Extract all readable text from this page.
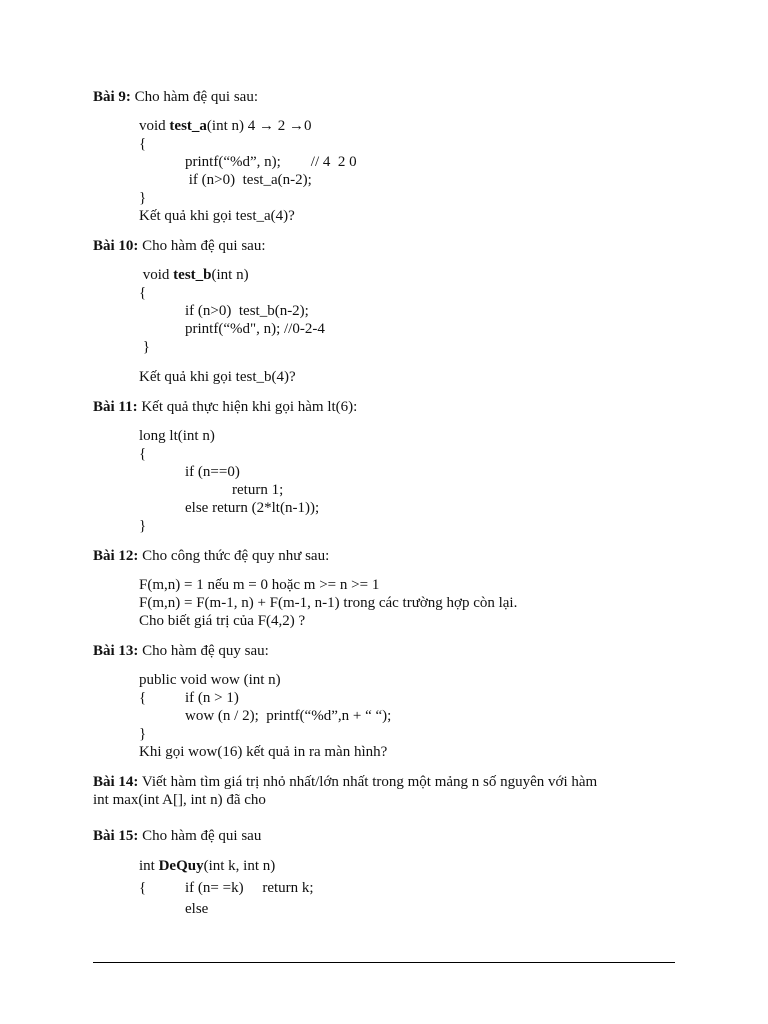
Bài 9: Cho hàm đệ qui sau:
void test_a(int n) 4 → 2 →0
{
printf(“%d”, n);        // 4  2 0
if (n>0)  test_a(n-2);
}
Kết quả khi gọi test_a(4)?
Bài 10: Cho hàm đệ qui sau:
void test_b(int n)
{
if (n>0)  test_b(n-2);
printf(“%d", n); //0-2-4
}
Kết quả khi gọi test_b(4)?
Bài 11: Kết quả thực hiện khi gọi hàm lt(6):
long lt(int n)
{
if (n==0)
return 1;
else return (2*lt(n-1));
}
Bài 12: Cho công thức đệ quy như sau:
F(m,n) = 1 nếu m = 0 hoặc m >= n >= 1
F(m,n) = F(m-1, n) + F(m-1, n-1) trong các trường hợp còn lại.
Cho biết giá trị của F(4,2) ?
Bài 13: Cho hàm đệ quy sau:
public void wow (int n)
{	if (n > 1)
wow (n / 2);  printf(“%d”,n + “ “);
}
Khi gọi wow(16) kết quả in ra màn hình?
Bài 14: Viết hàm tìm giá trị nhỏ nhất/lớn nhất trong một mảng n số nguyên với hàm
int max(int A[], int n) đã cho
Bài 15: Cho hàm đệ qui sau
int DeQuy(int k, int n)
{	if (n= =k)     return k;
else
